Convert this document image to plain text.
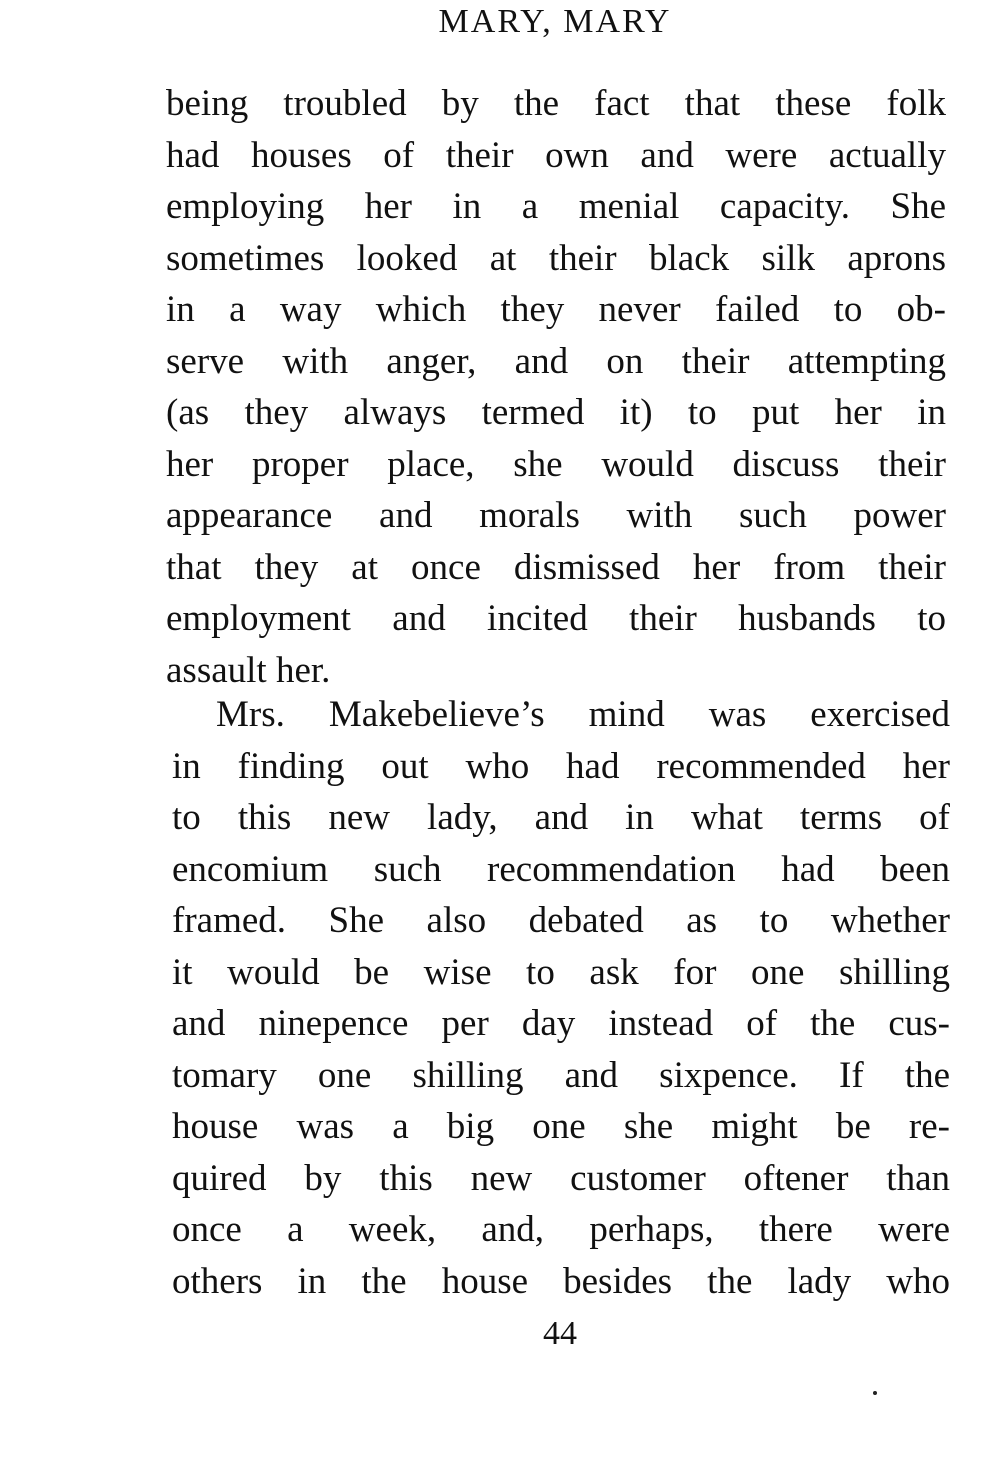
MARY, MARY
being troubled by the fact that these folk
had houses of their own and were actually
employing her in a menial capacity. She
sometimes looked at their black silk aprons
in a way which they never failed to ob-
serve with anger, and on their attempting
(as they always termed it) to put her in
her proper place, she would discuss their
appearance and morals with such power
that they at once dismissed her from their
employment and incited their husbands to
assault her.
Mrs. Makebelieve’s mind was exercised
in finding out who had recommended her
to this new lady, and in what terms of
encomium such recommendation had been
framed. She also debated as to whether
it would be wise to ask for one shilling
and ninepence per day instead of the cus-
tomary one shilling and sixpence. If the
house was a big one she might be re-
quired by this new customer oftener than
once a week, and, perhaps, there were
others in the house besides the lady who
44
